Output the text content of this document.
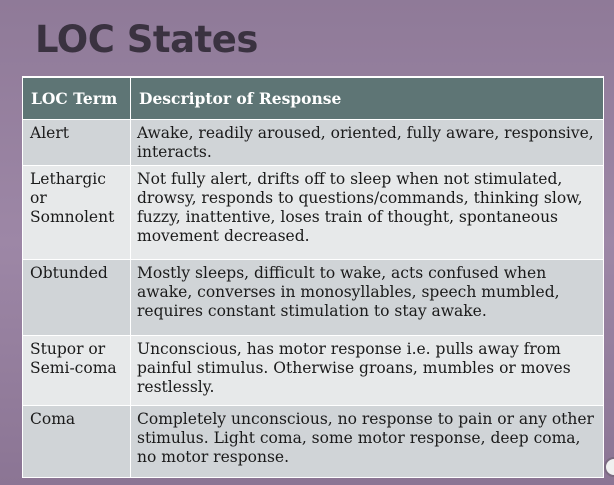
LOC States
LOC Term	Descriptor of Response
Alert	Awake, readily aroused, oriented, fully aware, responsive, interacts.
Lethargic or Somnolent	Not fully alert, drifts off to sleep when not stimulated, drowsy, responds to questions/commands, thinking slow, fuzzy, inattentive, loses train of thought, spontaneous movement decreased.
Obtunded	Mostly sleeps, difficult to wake, acts confused when awake, converses in monosyllables, speech mumbled, requires constant stimulation to stay awake.
Stupor or Semi-coma	Unconscious, has motor response i.e. pulls away from painful stimulus. Otherwise groans, mumbles or moves restlessly.
Coma	Completely unconscious, no response to pain or any other stimulus. Light coma, some motor response, deep coma, no motor response.
